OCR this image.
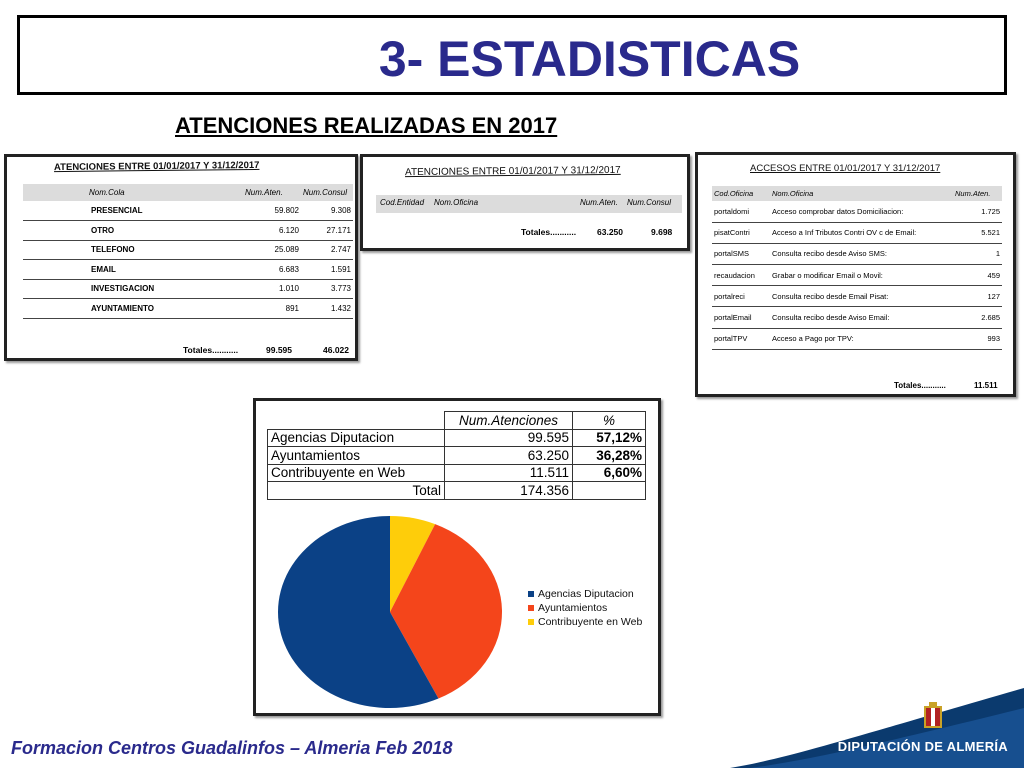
3- ESTADISTICAS
ATENCIONES REALIZADAS EN 2017
ATENCIONES ENTRE 01/01/2017 Y 31/12/2017
Nom.Cola	Num.Aten.	Num.Consul
PRESENCIAL	59.802	9.308
OTRO	6.120	27.171
TELEFONO	25.089	2.747
EMAIL	6.683	1.591
INVESTIGACION	1.010	3.773
AYUNTAMIENTO	891	1.432
Totales...........	99.595	46.022
ATENCIONES ENTRE 01/01/2017 Y 31/12/2017
Cod.Entidad Nom.Oficina	Num.Aten. Num.Consul
Totales........... 63.250	9.698
ACCESOS ENTRE 01/01/2017 Y 31/12/2017
Cod.Oficina	Nom.Oficina	Num.Aten.
portaldomi	Acceso comprobar datos Domiciliacion:	1.725
pisatContri	Acceso a Inf Tributos Contri OV c de Email:	5.521
portalSMS	Consulta recibo desde Aviso SMS:	1
recaudacion	Grabar o modificar Email o Movil:	459
portalreci	Consulta recibo desde Email Pisat:	127
portalEmail	Consulta recibo desde Aviso Email:	2.685
portalTPV	Acceso a Pago por TPV:	993
Totales...........	11.511
	Num.Atenciones	%
Agencias Diputacion	99.595	57,12%
Ayuntamientos	63.250	36,28%
Contribuyente en Web	11.511	6,60%
Total	174.356	
Agencias Diputacion
Ayuntamientos
Contribuyente en Web
Formacion Centros Guadalinfos – Almeria Feb 2018	DIPUTACIÓN DE ALMERÍA
